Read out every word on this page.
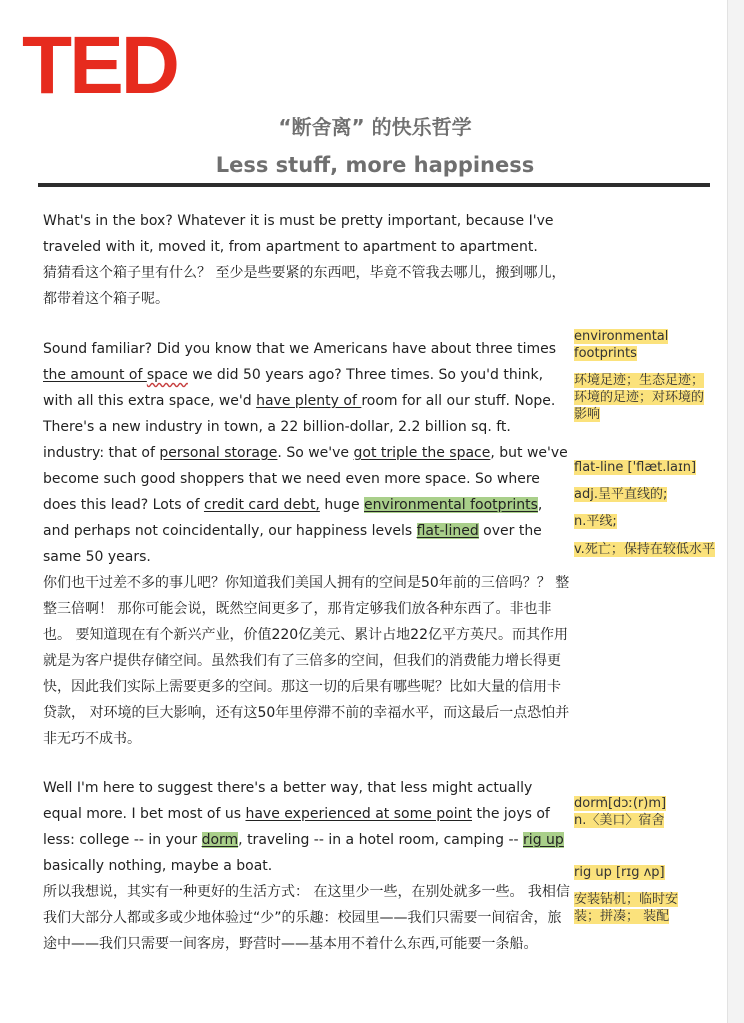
TED
“断舍离” 的快乐哲学
Less stuff, more happiness

What's in the box? Whatever it is must be pretty important, because I've traveled with it, moved it, from apartment to apartment to apartment.

猜猜看这个箱子里有什么？ 至少是些要紧的东西吧，毕竟不管我去哪儿，搬到哪儿，都带着这个箱子呢。

Sound familiar? Did you know that we Americans have about three times the amount of space we did 50 years ago? Three times. So you'd think, with all this extra space, we'd have plenty of room for all our stuff. Nope. There's a new industry in town, a 22 billion-dollar, 2.2 billion sq. ft. industry: that of personal storage. So we've got triple the space, but we've become such good shoppers that we need even more space. So where does this lead? Lots of credit card debt, huge environmental footprints, and perhaps not coincidentally, our happiness levels flat-lined over the same 50 years.

你们也干过差不多的事儿吧？你知道我们美国人拥有的空间是50年前的三倍吗？？ 整整三倍啊！ 那你可能会说，既然空间更多了，那肯定够我们放各种东西了。非也非也。 要知道现在有个新兴产业，价值220亿美元、累计占地22亿平方英尺。而其作用就是为客户提供存储空间。虽然我们有了三倍多的空间，但我们的消费能力增长得更快，因此我们实际上需要更多的空间。那这一切的后果有哪些呢？比如大量的信用卡贷款， 对环境的巨大影响，还有这50年里停滞不前的幸福水平，而这最后一点恐怕并非无巧不成书。

Well I'm here to suggest there's a better way, that less might actually equal more. I bet most of us have experienced at some point the joys of less: college -- in your dorm, traveling -- in a hotel room, camping -- rig up basically nothing, maybe a boat.

所以我想说，其实有一种更好的生活方式： 在这里少一些，在别处就多一些。 我相信我们大部分人都或多或少地体验过“少”的乐趣：校园里——我们只需要一间宿舍，旅途中——我们只需要一间客房，野营时——基本用不着什么东西,可能要一条船。

environmental footprints
环境足迹；生态足迹；环境的足迹；对环境的影响
flat-line ['flæt.laɪn]
adj.呈平直线的;
n.平线;
v.死亡；保持在较低水平
dorm[dɔː(r)m]
n.〈美口〉宿舍
rig up [rɪg ʌp]
安装钻机；临时安装；拼凑； 装配
